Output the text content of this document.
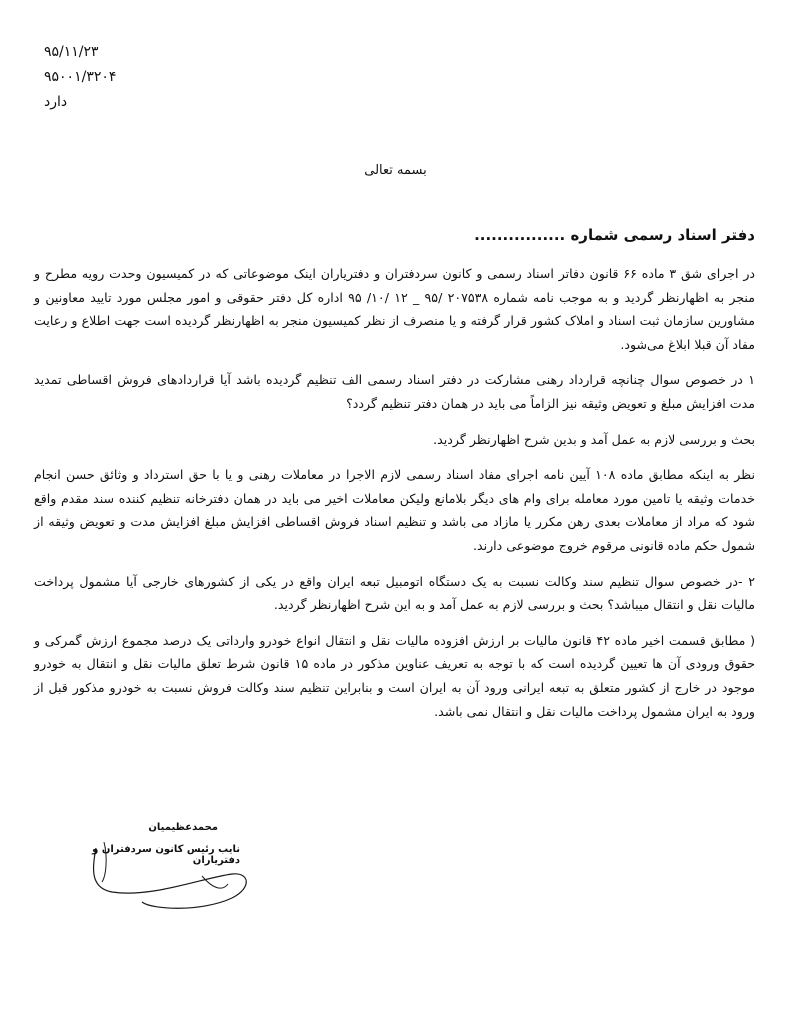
۹۵/۱۱/۲۳
۹۵۰۰۱/۳۲۰۴
دارد
بسمه تعالی
دفتر اسناد رسمی شماره ................

در اجرای شق ۳ ماده ۶۶ قانون دفاتر اسناد رسمی و کانون سردفتران و دفتریاران اینک موضوعاتی که در کمیسیون وحدت رویه مطرح و منجر به اظهارنظر گردید و به موجب نامه شماره ۲۰۷۵۳۸ /۹۵ _ ۱۲ /۱۰/ ۹۵ اداره کل دفتر حقوقی و امور مجلس مورد تایید معاونین و مشاورین سازمان ثبت اسناد و املاک کشور قرار گرفته و یا منصرف از نظر کمیسیون منجر به اظهارنظر گردیده است جهت اطلاع و رعایت مفاد آن قبلا ابلاغ می‌شود.

۱ در خصوص سوال چنانچه قرارداد رهنی مشارکت در دفتر اسناد رسمی الف تنظیم گردیده باشد آیا قراردادهای فروش اقساطی تمدید مدت افزایش مبلغ و تعویض وثیقه نیز الزاماً می باید در همان دفتر تنظیم گردد؟

بحث و بررسی لازم به عمل آمد و بدین شرح اظهارنظر گردید.

نظر به اینکه مطابق ماده ۱۰۸ آیین نامه اجرای مفاد اسناد رسمی لازم الاجرا در معاملات رهنی و یا با حق استرداد و وثائق حسن انجام خدمات وثیقه یا تامین مورد معامله برای وام های دیگر بلامانع ولیکن معاملات اخیر می باید در همان دفترخانه تنظیم کننده سند مقدم واقع شود که مراد از معاملات بعدی رهن مکرر یا مازاد می باشد و تنظیم اسناد فروش اقساطی افزایش مبلغ افزایش مدت و تعویض وثیقه از شمول حکم ماده قانونی مرقوم خروج موضوعی دارند.

۲ -در خصوص سوال تنظیم سند وکالت نسبت به یک دستگاه اتومبیل تبعه ایران واقع در یکی از کشورهای خارجی آیا مشمول پرداخت مالیات نقل و انتقال میباشد؟ بحث و بررسی لازم به عمل آمد و به این شرح اظهارنظر گردید.

( مطابق قسمت اخیر ماده ۴۲ قانون مالیات بر ارزش افزوده مالیات نقل و انتقال انواع خودرو وارداتی یک درصد مجموع ارزش گمرکی و حقوق ورودی آن ها تعیین گردیده است که با توجه به تعریف عناوین مذکور در ماده ۱۵ قانون شرط تعلق مالیات نقل و انتقال به خودرو موجود در خارج از کشور متعلق به تبعه ایرانی ورود آن به ایران است و بنابراین تنظیم سند وکالت فروش نسبت به خودرو مذکور قبل از ورود به ایران مشمول پرداخت مالیات نقل و انتقال نمی باشد.

محمدعظیمیان
نایب رئیس کانون سردفتران و دفتریاران
